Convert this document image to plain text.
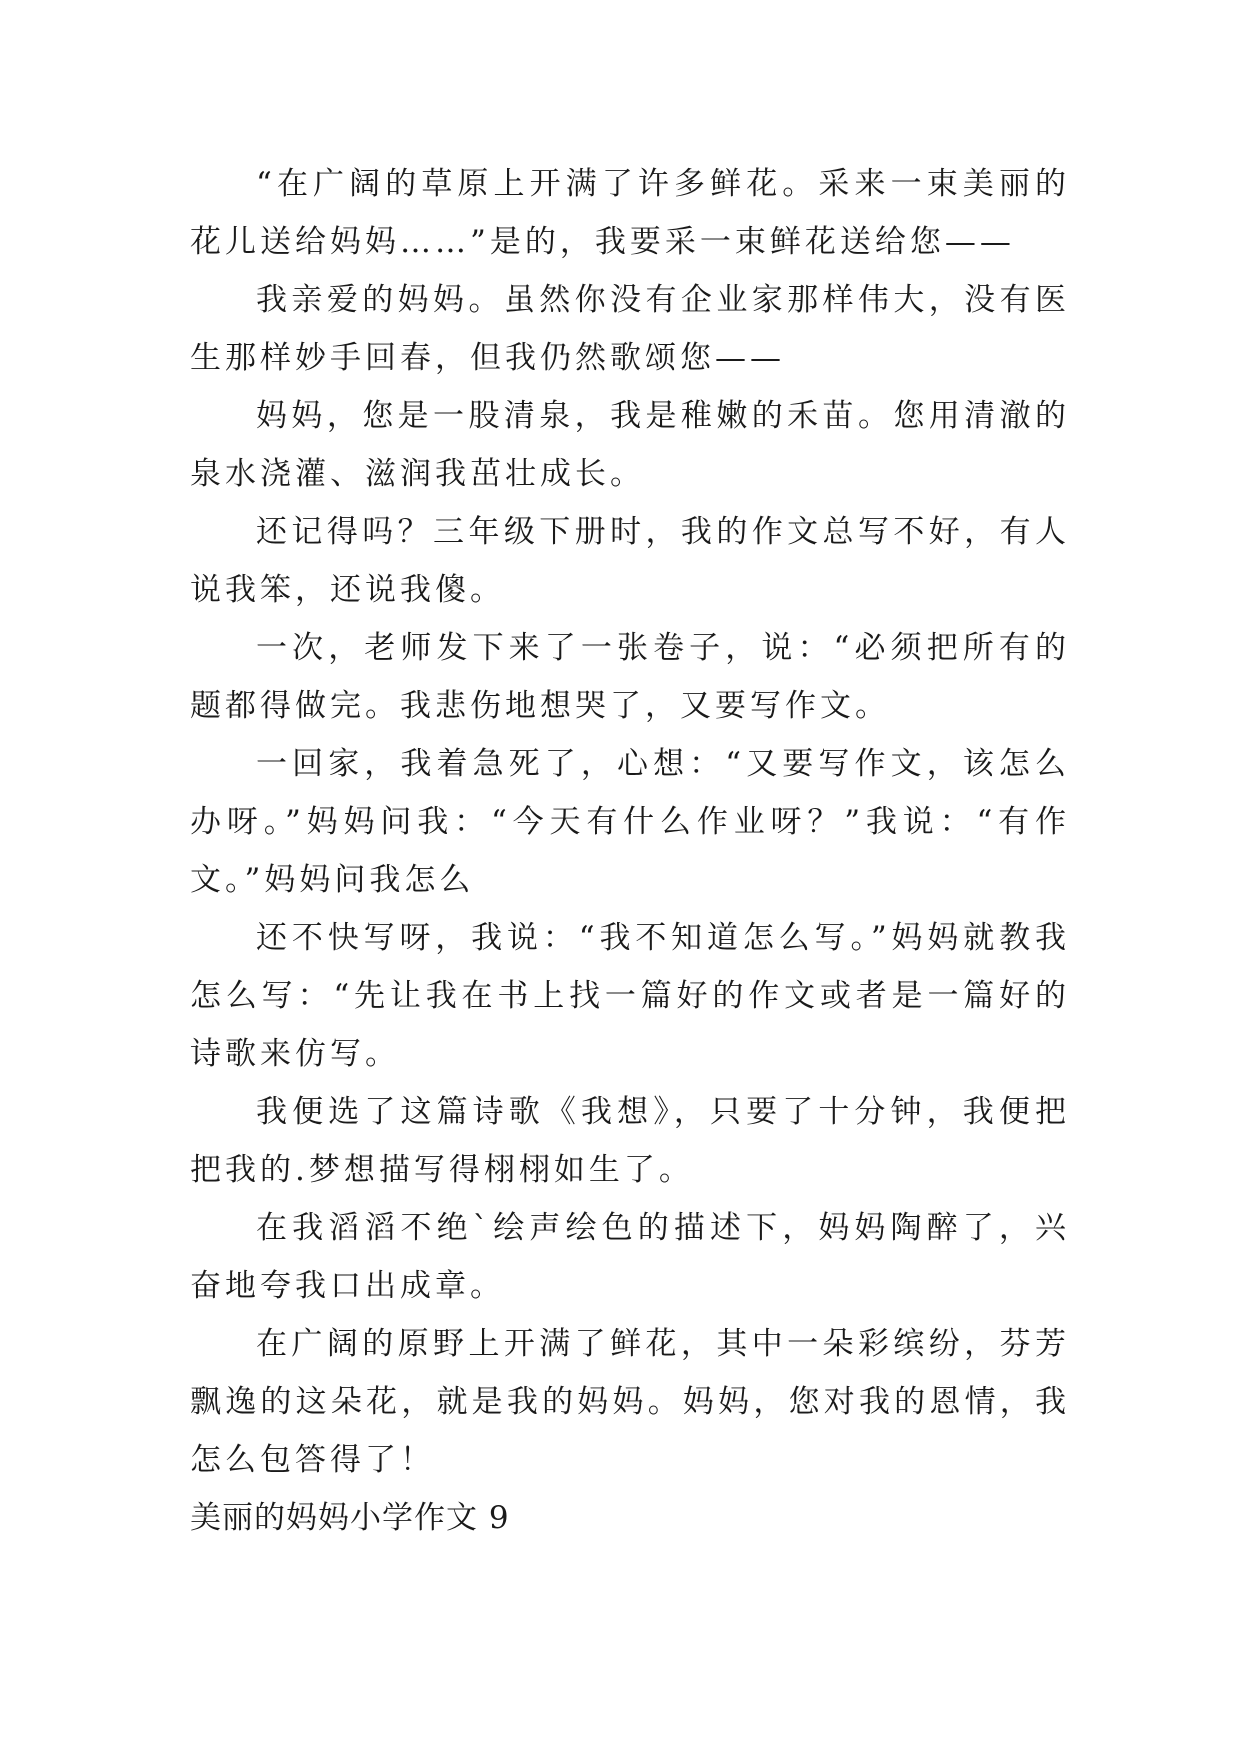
“在广阔的草原上开满了许多鲜花。采来一束美丽的花儿送给妈妈……”是的，我要采一束鲜花送给您——

我亲爱的妈妈。虽然你没有企业家那样伟大，没有医生那样妙手回春，但我仍然歌颂您——

妈妈，您是一股清泉，我是稚嫩的禾苗。您用清澈的泉水浇灌、滋润我茁壮成长。

还记得吗？三年级下册时，我的作文总写不好，有人说我笨，还说我傻。

一次，老师发下来了一张卷子，说：“必须把所有的题都得做完。我悲伤地想哭了，又要写作文。

一回家，我着急死了，心想：“又要写作文，该怎么办呀。”妈妈问我：“今天有什么作业呀？”我说：“有作文。”妈妈问我怎么

还不快写呀，我说：“我不知道怎么写。”妈妈就教我怎么写：“先让我在书上找一篇好的作文或者是一篇好的诗歌来仿写。

我便选了这篇诗歌《我想》，只要了十分钟，我便把把我的.梦想描写得栩栩如生了。

在我滔滔不绝`绘声绘色的描述下，妈妈陶醉了，兴奋地夸我口出成章。

在广阔的原野上开满了鲜花，其中一朵彩缤纷，芬芳飘逸的这朵花，就是我的妈妈。妈妈，您对我的恩情，我怎么包答得了！

美丽的妈妈小学作文 9
